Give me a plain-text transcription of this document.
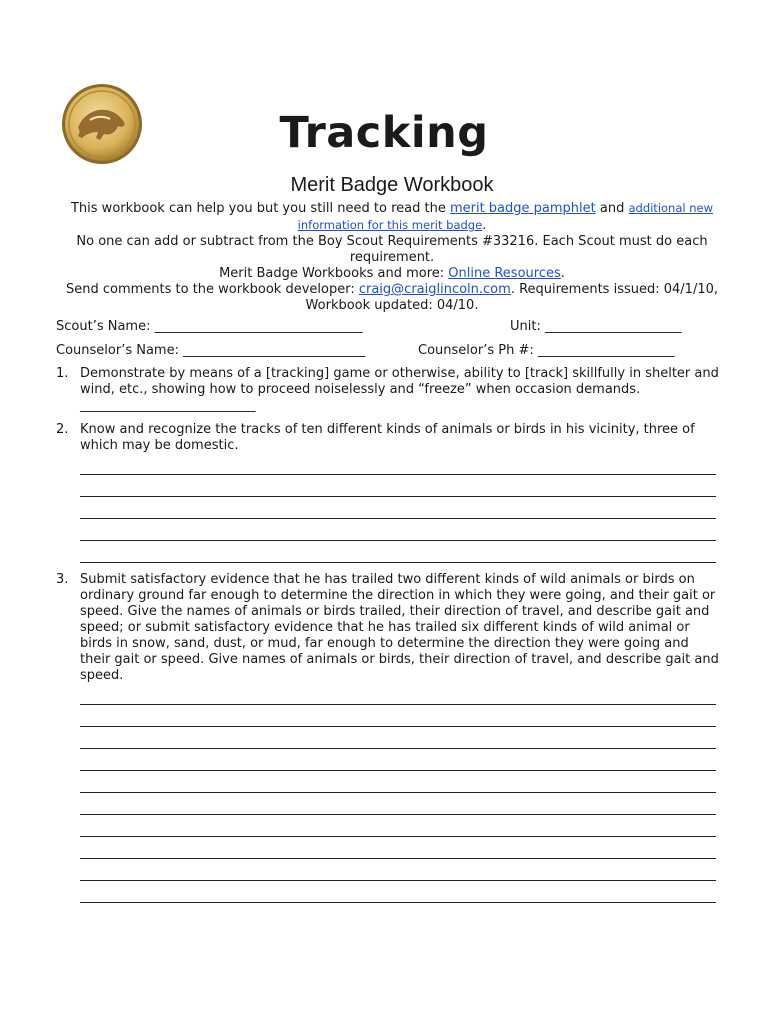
Tracking
Merit Badge Workbook

This workbook can help you but you still need to read the merit badge pamphlet and additional new information for this merit badge.

No one can add or subtract from the Boy Scout Requirements #33216. Each Scout must do each requirement.

Merit Badge Workbooks and more: Online Resources.

Send comments to the workbook developer: craig@craiglincoln.com. Requirements issued: 04/1/10, Workbook updated: 04/10.

Scout’s Name: ________________________________	Unit: _____________________
Counselor’s Name: ____________________________	Counselor’s Ph #: _____________________
1. Demonstrate by means of a [tracking] game or otherwise, ability to [track] skillfully in shelter and wind, etc., showing how to proceed noiselessly and “freeze” when occasion demands. ___________________________
2. Know and recognize the tracks of ten different kinds of animals or birds in his vicinity, three of which may be domestic.
3. Submit satisfactory evidence that he has trailed two different kinds of wild animals or birds on ordinary ground far enough to determine the direction in which they were going, and their gait or speed. Give the names of animals or birds trailed, their direction of travel, and describe gait and speed; or submit satisfactory evidence that he has trailed six different kinds of wild animal or birds in snow, sand, dust, or mud, far enough to determine the direction they were going and their gait or speed. Give names of animals or birds, their direction of travel, and describe gait and speed.
